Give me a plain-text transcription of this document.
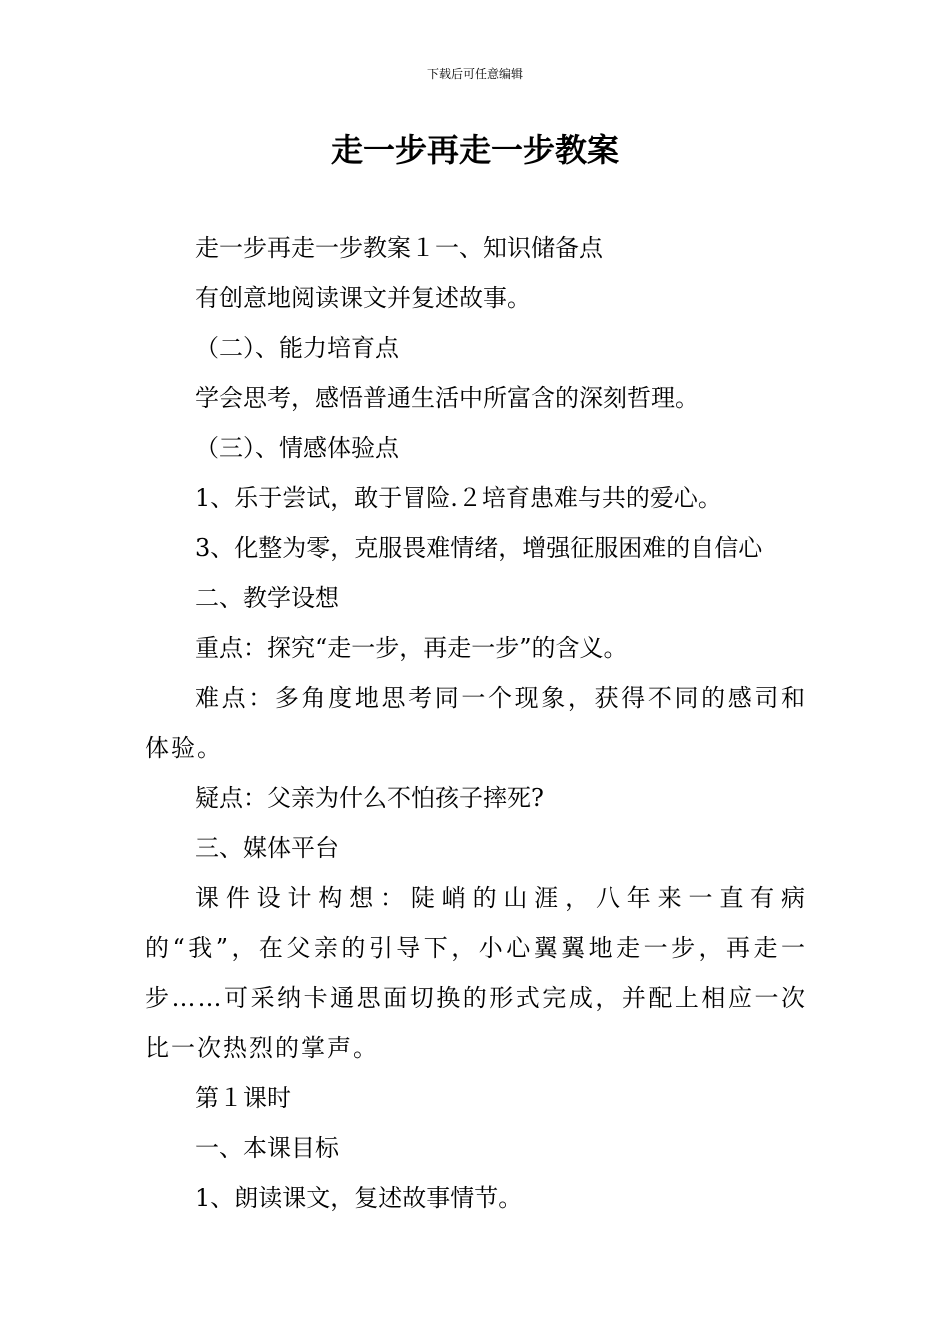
下载后可任意编辑
走一步再走一步教案

走一步再走一步教案１一、知识储备点

有创意地阅读课文并复述故事。

（二）、能力培育点

学会思考，感悟普通生活中所富含的深刻哲理。

（三）、情感体验点

1、乐于尝试，敢于冒险.２培育患难与共的爱心。

3、化整为零，克服畏难情绪，增强征服困难的自信心

二、教学设想

重点：探究“走一步，再走一步”的含义。

难点：多角度地思考同一个现象，获得不同的感司和体验。

疑点：父亲为什么不怕孩子摔死?

三、媒体平台

课件设计构想：陡峭的山涯，八年来一直有病的“我”，在父亲的引导下，小心翼翼地走一步，再走一步……可采纳卡通思面切换的形式完成，并配上相应一次比一次热烈的掌声。

第１课时

一、本课目标

1、朗读课文，复述故事情节。
